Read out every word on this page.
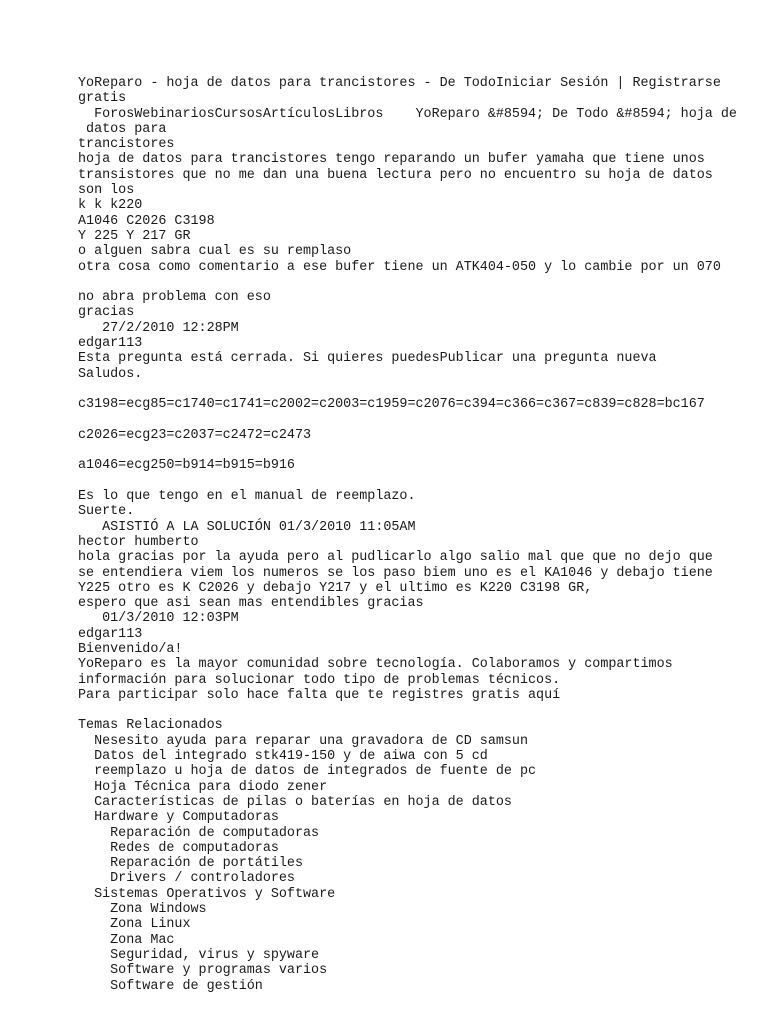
YoReparo - hoja de datos para trancistores - De TodoIniciar Sesión | Registrarse
gratis
ForosWebinariosCursosArtículosLibros    YoReparo &#8594; De Todo &#8594; hoja de
datos para
trancistores
hoja de datos para trancistores tengo reparando un bufer yamaha que tiene unos
transistores que no me dan una buena lectura pero no encuentro su hoja de datos
son los
k k k220
A1046 C2026 C3198
Y 225 Y 217 GR
o alguen sabra cual es su remplaso
otra cosa como comentario a ese bufer tiene un ATK404-050 y lo cambie por un 070
no abra problema con eso
gracias
27/2/2010 12:28PM
edgar113
Esta pregunta está cerrada. Si quieres puedesPublicar una pregunta nueva
Saludos.
c3198=ecg85=c1740=c1741=c2002=c2003=c1959=c2076=c394=c366=c367=c839=c828=bc167
c2026=ecg23=c2037=c2472=c2473
a1046=ecg250=b914=b915=b916
Es lo que tengo en el manual de reemplazo.
Suerte.
ASISTIÓ A LA SOLUCIÓN 01/3/2010 11:05AM
hector humberto
hola gracias por la ayuda pero al pudlicarlo algo salio mal que que no dejo que
se entendiera viem los numeros se los paso biem uno es el KA1046 y debajo tiene
Y225 otro es K C2026 y debajo Y217 y el ultimo es K220 C3198 GR,
espero que asi sean mas entendibles gracias
01/3/2010 12:03PM
edgar113
Bienvenido/a!
YoReparo es la mayor comunidad sobre tecnología. Colaboramos y compartimos
información para solucionar todo tipo de problemas técnicos.
Para participar solo hace falta que te registres gratis aquí
Temas Relacionados
Nesesito ayuda para reparar una gravadora de CD samsun
Datos del integrado stk419-150 y de aiwa con 5 cd
reemplazo u hoja de datos de integrados de fuente de pc
Hoja Técnica para diodo zener
Características de pilas o baterías en hoja de datos
Hardware y Computadoras
Reparación de computadoras
Redes de computadoras
Reparación de portátiles
Drivers / controladores
Sistemas Operativos y Software
Zona Windows
Zona Linux
Zona Mac
Seguridad, virus y spyware
Software y programas varios
Software de gestión
